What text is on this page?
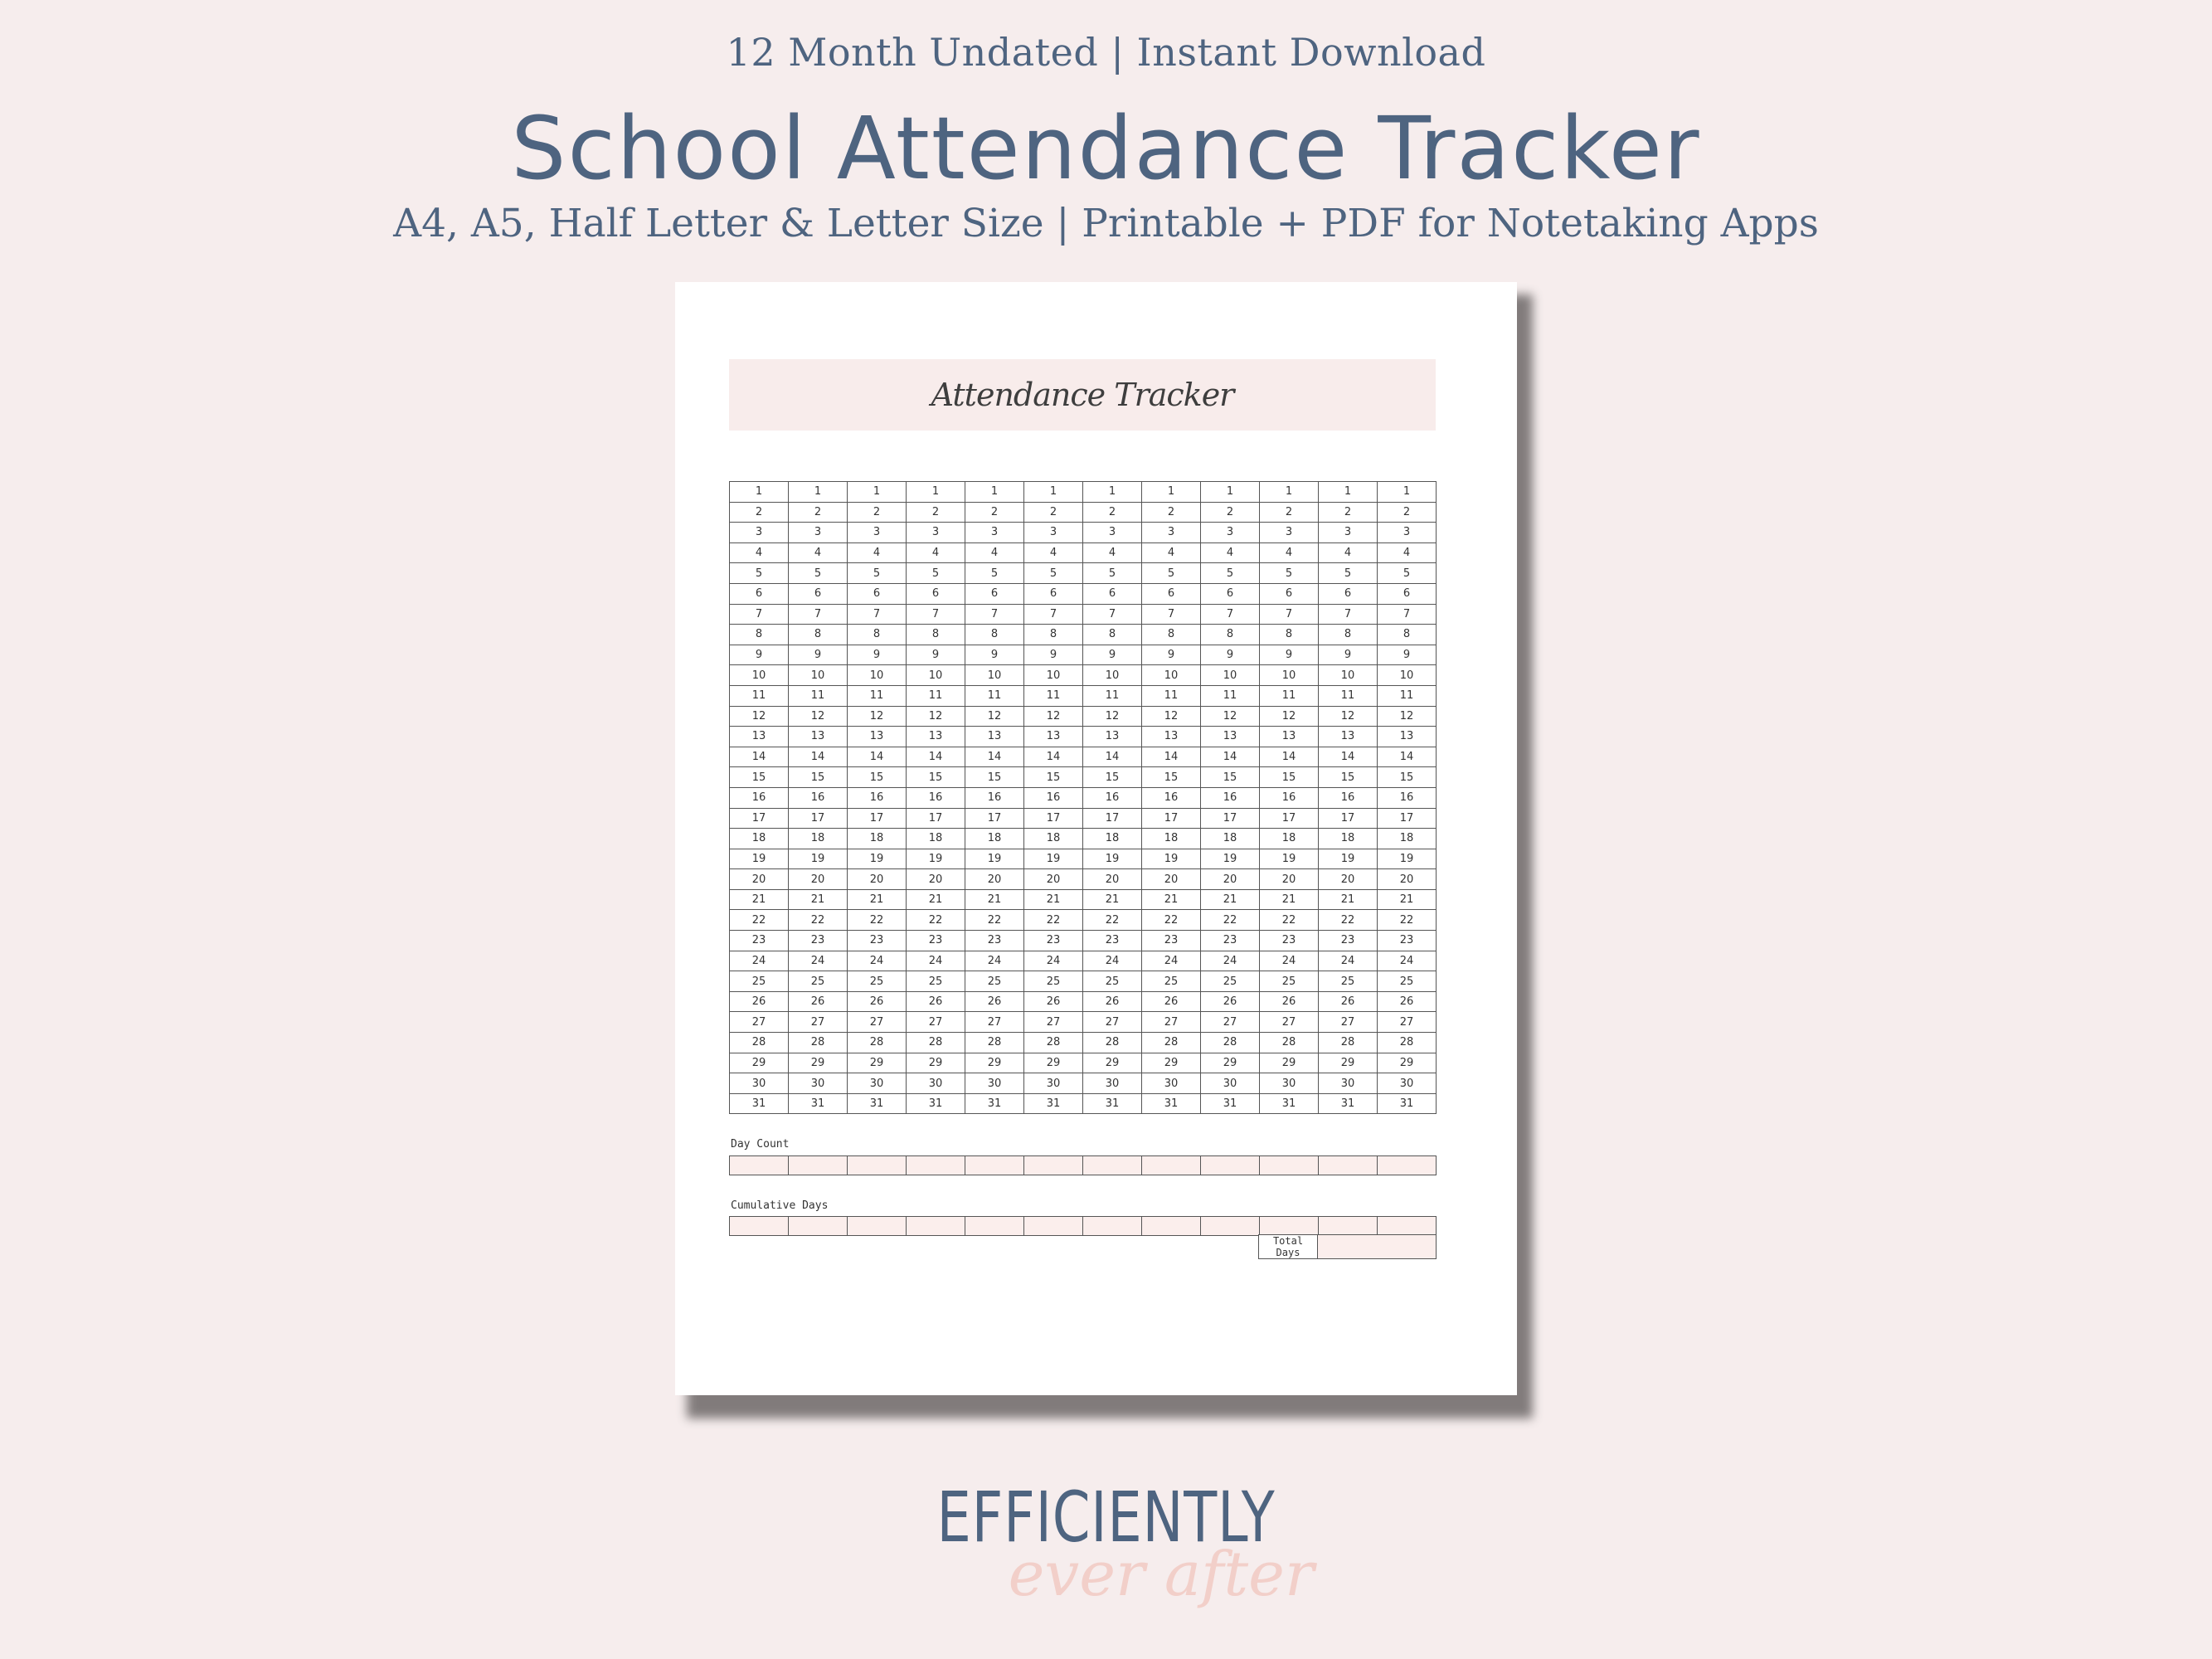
12 Month Undated | Instant Download
School Attendance Tracker
A4, A5, Half Letter & Letter Size | Printable + PDF for Notetaking Apps
Attendance Tracker
1	1	1	1	1	1	1	1	1	1	1	1
2	2	2	2	2	2	2	2	2	2	2	2
3	3	3	3	3	3	3	3	3	3	3	3
4	4	4	4	4	4	4	4	4	4	4	4
5	5	5	5	5	5	5	5	5	5	5	5
6	6	6	6	6	6	6	6	6	6	6	6
7	7	7	7	7	7	7	7	7	7	7	7
8	8	8	8	8	8	8	8	8	8	8	8
9	9	9	9	9	9	9	9	9	9	9	9
10	10	10	10	10	10	10	10	10	10	10	10
11	11	11	11	11	11	11	11	11	11	11	11
12	12	12	12	12	12	12	12	12	12	12	12
13	13	13	13	13	13	13	13	13	13	13	13
14	14	14	14	14	14	14	14	14	14	14	14
15	15	15	15	15	15	15	15	15	15	15	15
16	16	16	16	16	16	16	16	16	16	16	16
17	17	17	17	17	17	17	17	17	17	17	17
18	18	18	18	18	18	18	18	18	18	18	18
19	19	19	19	19	19	19	19	19	19	19	19
20	20	20	20	20	20	20	20	20	20	20	20
21	21	21	21	21	21	21	21	21	21	21	21
22	22	22	22	22	22	22	22	22	22	22	22
23	23	23	23	23	23	23	23	23	23	23	23
24	24	24	24	24	24	24	24	24	24	24	24
25	25	25	25	25	25	25	25	25	25	25	25
26	26	26	26	26	26	26	26	26	26	26	26
27	27	27	27	27	27	27	27	27	27	27	27
28	28	28	28	28	28	28	28	28	28	28	28
29	29	29	29	29	29	29	29	29	29	29	29
30	30	30	30	30	30	30	30	30	30	30	30
31	31	31	31	31	31	31	31	31	31	31	31
Day Count

Cumulative Days

Total Days	
EFFICIENTLY
ever after
